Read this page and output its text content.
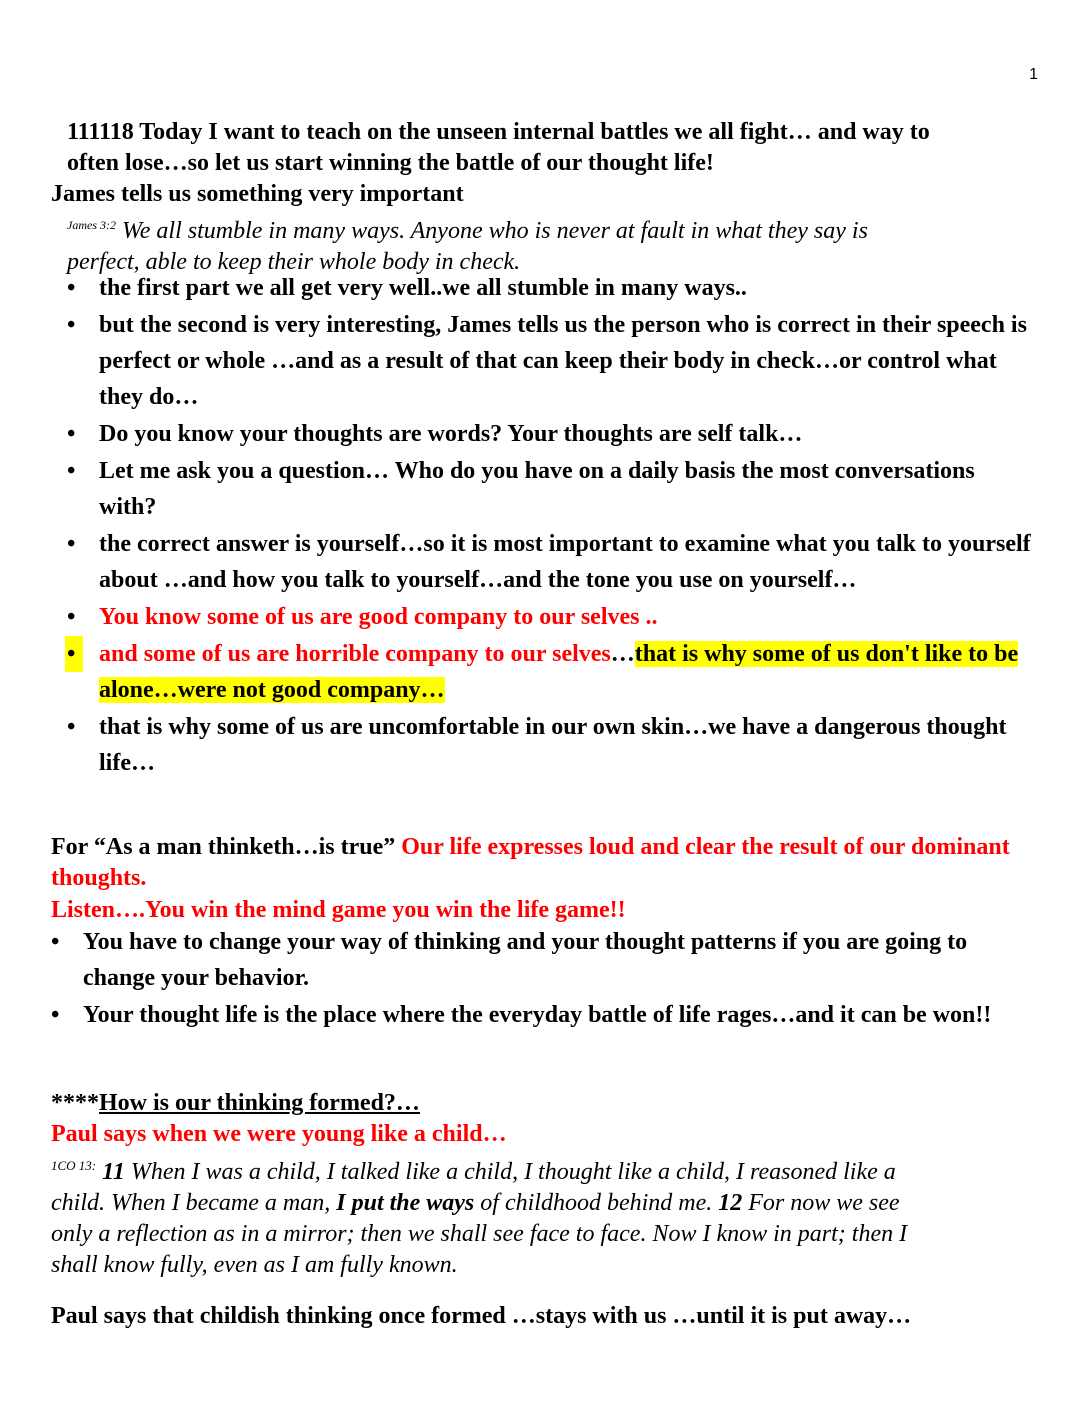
1
111118 Today I want to teach on the unseen internal battles we all fight… and way to
often lose…so let us start winning the battle of our thought life!
James tells us something very important
$^{James 3:2}$ We all stumble in many ways. Anyone who is never at fault in what they say is
perfect, able to keep their whole body in check.
• the first part we all get very well..we all stumble in many ways..
• but the second is very interesting, James tells us the person who is correct in their speech is perfect or whole …and as a result of that can keep their body in check…or control what they do…
• Do you know your thoughts are words? Your thoughts are self talk…
• Let me ask you a question… Who do you have on a daily basis the most conversations with?
• the correct answer is yourself…so it is most important to examine what you talk to yourself about …and how you talk to yourself…and the tone you use on yourself…
• You know some of us are good company to our selves ..
• and some of us are horrible company to our selves…that is why some of us don't like to be alone…were not good company…
• that is why some of us are uncomfortable in our own skin…we have a dangerous thought life…
For “As a man thinketh…is true” Our life expresses loud and clear the result of our dominant thoughts.
Listen….You win the mind game you win the life game!!
• You have to change your way of thinking and your thought patterns if you are going to change your behavior.
• Your thought life is the place where the everyday battle of life rages…and it can be won!!
****How is our thinking formed?…
Paul says when we were young like a child…
$^{1CO 13:}$ 11 When I was a child, I talked like a child, I thought like a child, I reasoned like a
child. When I became a man, I put the ways of childhood behind me. 12 For now we see
only a reflection as in a mirror; then we shall see face to face. Now I know in part; then I
shall know fully, even as I am fully known.
Paul says that childish thinking once formed …stays with us …until it is put away…
